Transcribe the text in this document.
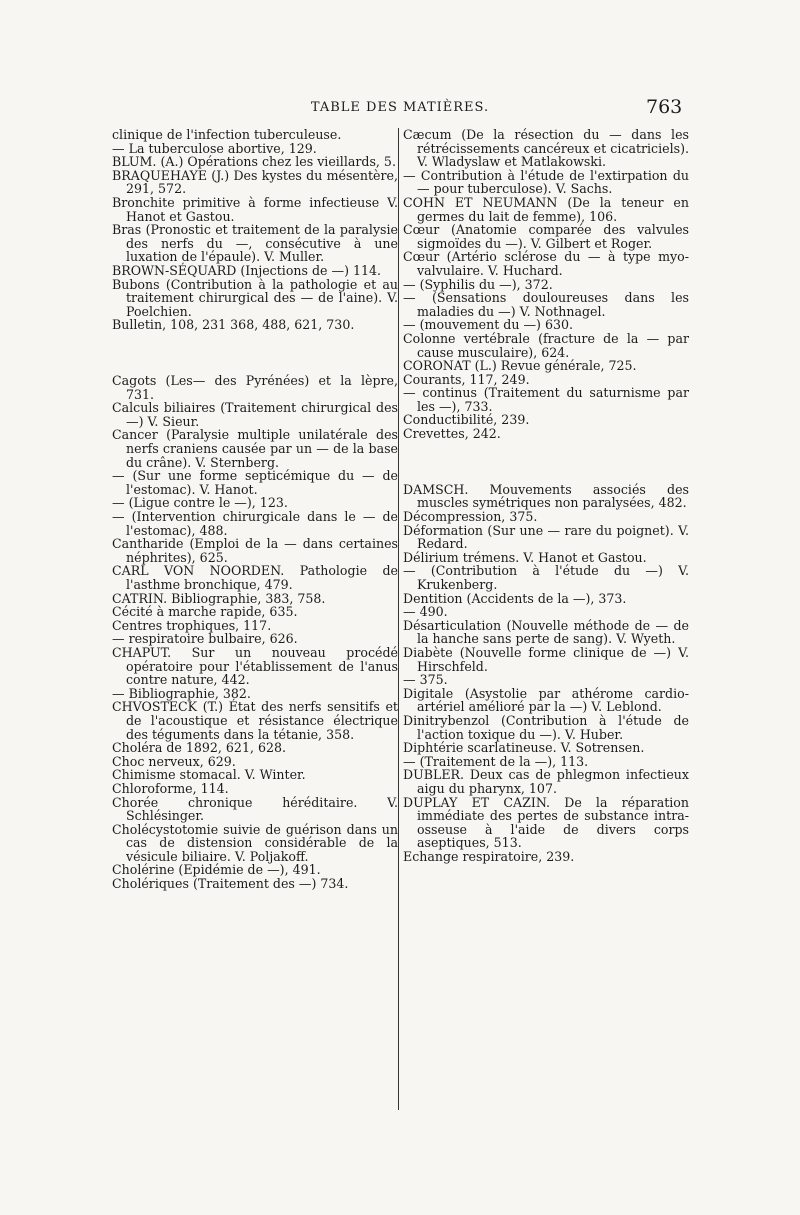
TABLE DES MATIÈRES.	763

clinique de l'infection tuberculeuse.

— La tuberculose abortive, 129.

BLUM. (A.) Opérations chez les vieillards, 5.

BRAQUEHAYE (J.) Des kystes du mésentère, 291, 572.

Bronchite primitive à forme infectieuse V. Hanot et Gastou.

Bras (Pronostic et traitement de la paralysie des nerfs du —, consécutive à une luxation de l'épaule). V. Muller.

BROWN-SÉQUARD (Injections de —) 114.

Bubons (Contribution à la pathologie et au traitement chirurgical des — de l'aine). V. Poelchien.

Bulletin, 108, 231 368, 488, 621, 730.

Cagots (Les— des Pyrénées) et la lèpre, 731.

Calculs biliaires (Traitement chirurgical des —) V. Sieur.

Cancer (Paralysie multiple unilatérale des nerfs craniens causée par un — de la base du crâne). V. Sternberg.

— (Sur une forme septicémique du — de l'estomac). V. Hanot.

— (Ligue contre le —), 123.

— (Intervention chirurgicale dans le — de l'estomac), 488.

Cantharide (Emploi de la — dans certaines néphrites), 625.

CARL VON NOORDEN. Pathologie de l'asthme bronchique, 479.

CATRIN. Bibliographie, 383, 758.

Cécité à marche rapide, 635.

Centres trophiques, 117.

— respiratoire bulbaire, 626.

CHAPUT. Sur un nouveau procédé opératoire pour l'établissement de l'anus contre nature, 442.

— Bibliographie, 382.

CHVOSTECK (T.) État des nerfs sensitifs et de l'acoustique et résistance électrique des téguments dans la tétanie, 358.

Choléra de 1892, 621, 628.

Choc nerveux, 629.

Chimisme stomacal. V. Winter.

Chloroforme, 114.

Chorée chronique héréditaire. V. Schlésinger.

Cholécystotomie suivie de guérison dans un cas de distension considérable de la vésicule biliaire. V. Poljakoff.

Cholérine (Epidémie de —), 491.

Cholériques (Traitement des —) 734.

Cæcum (De la résection du — dans les rétrécissements cancéreux et cicatriciels). V. Wladyslaw et Matlakowski.

— Contribution à l'étude de l'extirpation du — pour tuberculose). V. Sachs.

COHN ET NEUMANN (De la teneur en germes du lait de femme), 106.

Cœur (Anatomie comparée des valvules sigmoïdes du —). V. Gilbert et Roger.

Cœur (Artério sclérose du — à type myo-valvulaire. V. Huchard.

— (Syphilis du —), 372.

— (Sensations douloureuses dans les maladies du —) V. Nothnagel.

— (mouvement du —) 630.

Colonne vertébrale (fracture de la — par cause musculaire), 624.

CORONAT (L.) Revue générale, 725.

Courants, 117, 249.

— continus (Traitement du saturnisme par les —), 733.

Conductibilité, 239.

Crevettes, 242.

DAMSCH. Mouvements associés des muscles symétriques non paralysées, 482.

Décompression, 375.

Déformation (Sur une — rare du poignet). V. Redard.

Délirium trémens. V. Hanot et Gastou.

— (Contribution à l'étude du —) V. Krukenberg.

Dentition (Accidents de la —), 373.

— 490.

Désarticulation (Nouvelle méthode de — de la hanche sans perte de sang). V. Wyeth.

Diabète (Nouvelle forme clinique de —) V. Hirschfeld.

— 375.

Digitale (Asystolie par athérome cardio-artériel amélioré par la —) V. Leblond.

Dinitrybenzol (Contribution à l'étude de l'action toxique du —). V. Huber.

Diphtérie scarlatineuse. V. Sotrensen.

— (Traitement de la —), 113.

DUBLER. Deux cas de phlegmon infectieux aigu du pharynx, 107.

DUPLAY ET CAZIN. De la réparation immédiate des pertes de substance intra-osseuse à l'aide de divers corps aseptiques, 513.

Echange respiratoire, 239.
